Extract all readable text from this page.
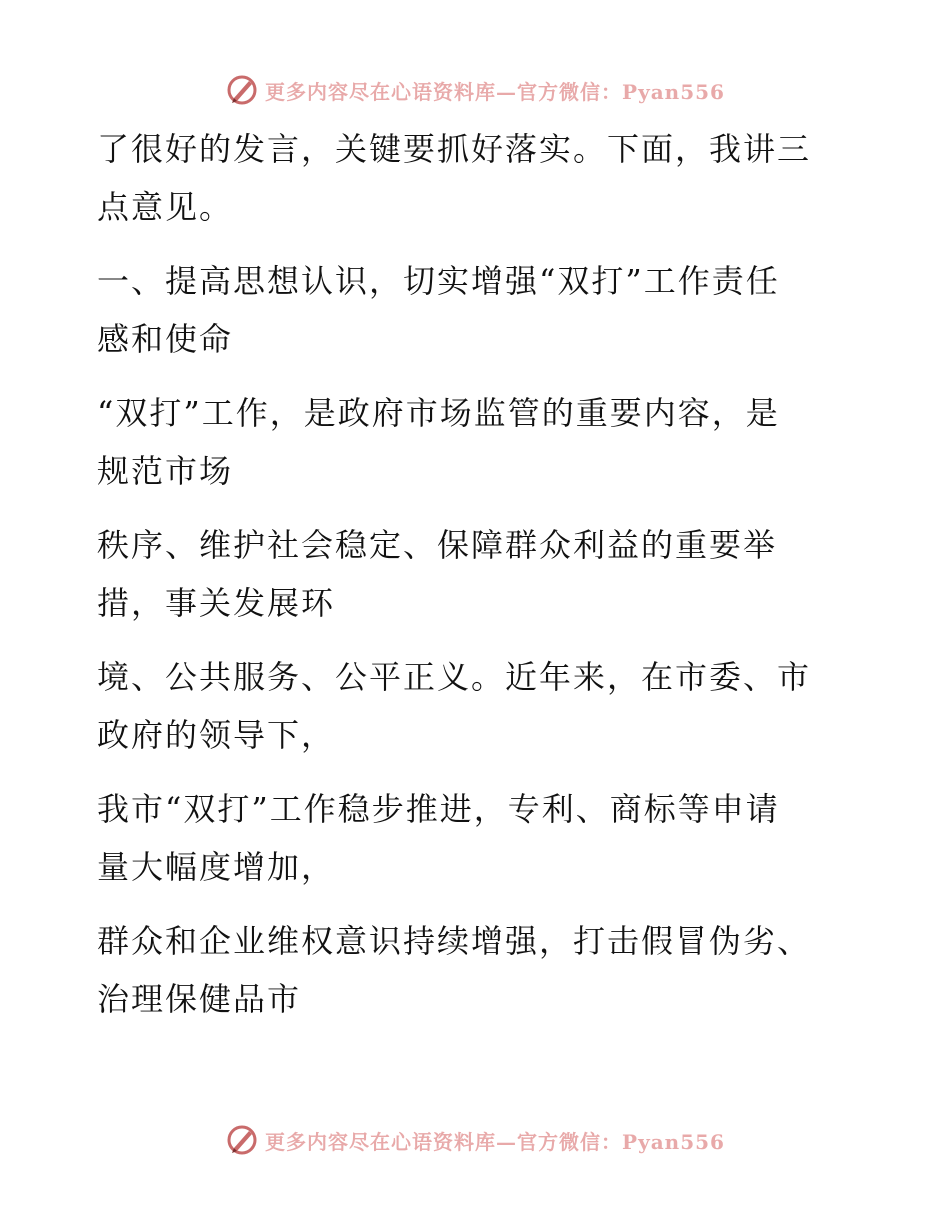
更多内容尽在心语资料库—官方微信：Pyan556

了很好的发言，关键要抓好落实。下面，我讲三
点意见。

一、提高思想认识，切实增强“双打”工作责任
感和使命

“双打”工作，是政府市场监管的重要内容，是
规范市场

秩序、维护社会稳定、保障群众利益的重要举
措，事关发展环

境、公共服务、公平正义。近年来，在市委、市
政府的领导下，

我市“双打”工作稳步推进，专利、商标等申请
量大幅度增加，

群众和企业维权意识持续增强，打击假冒伪劣、
治理保健品市

更多内容尽在心语资料库—官方微信：Pyan556
